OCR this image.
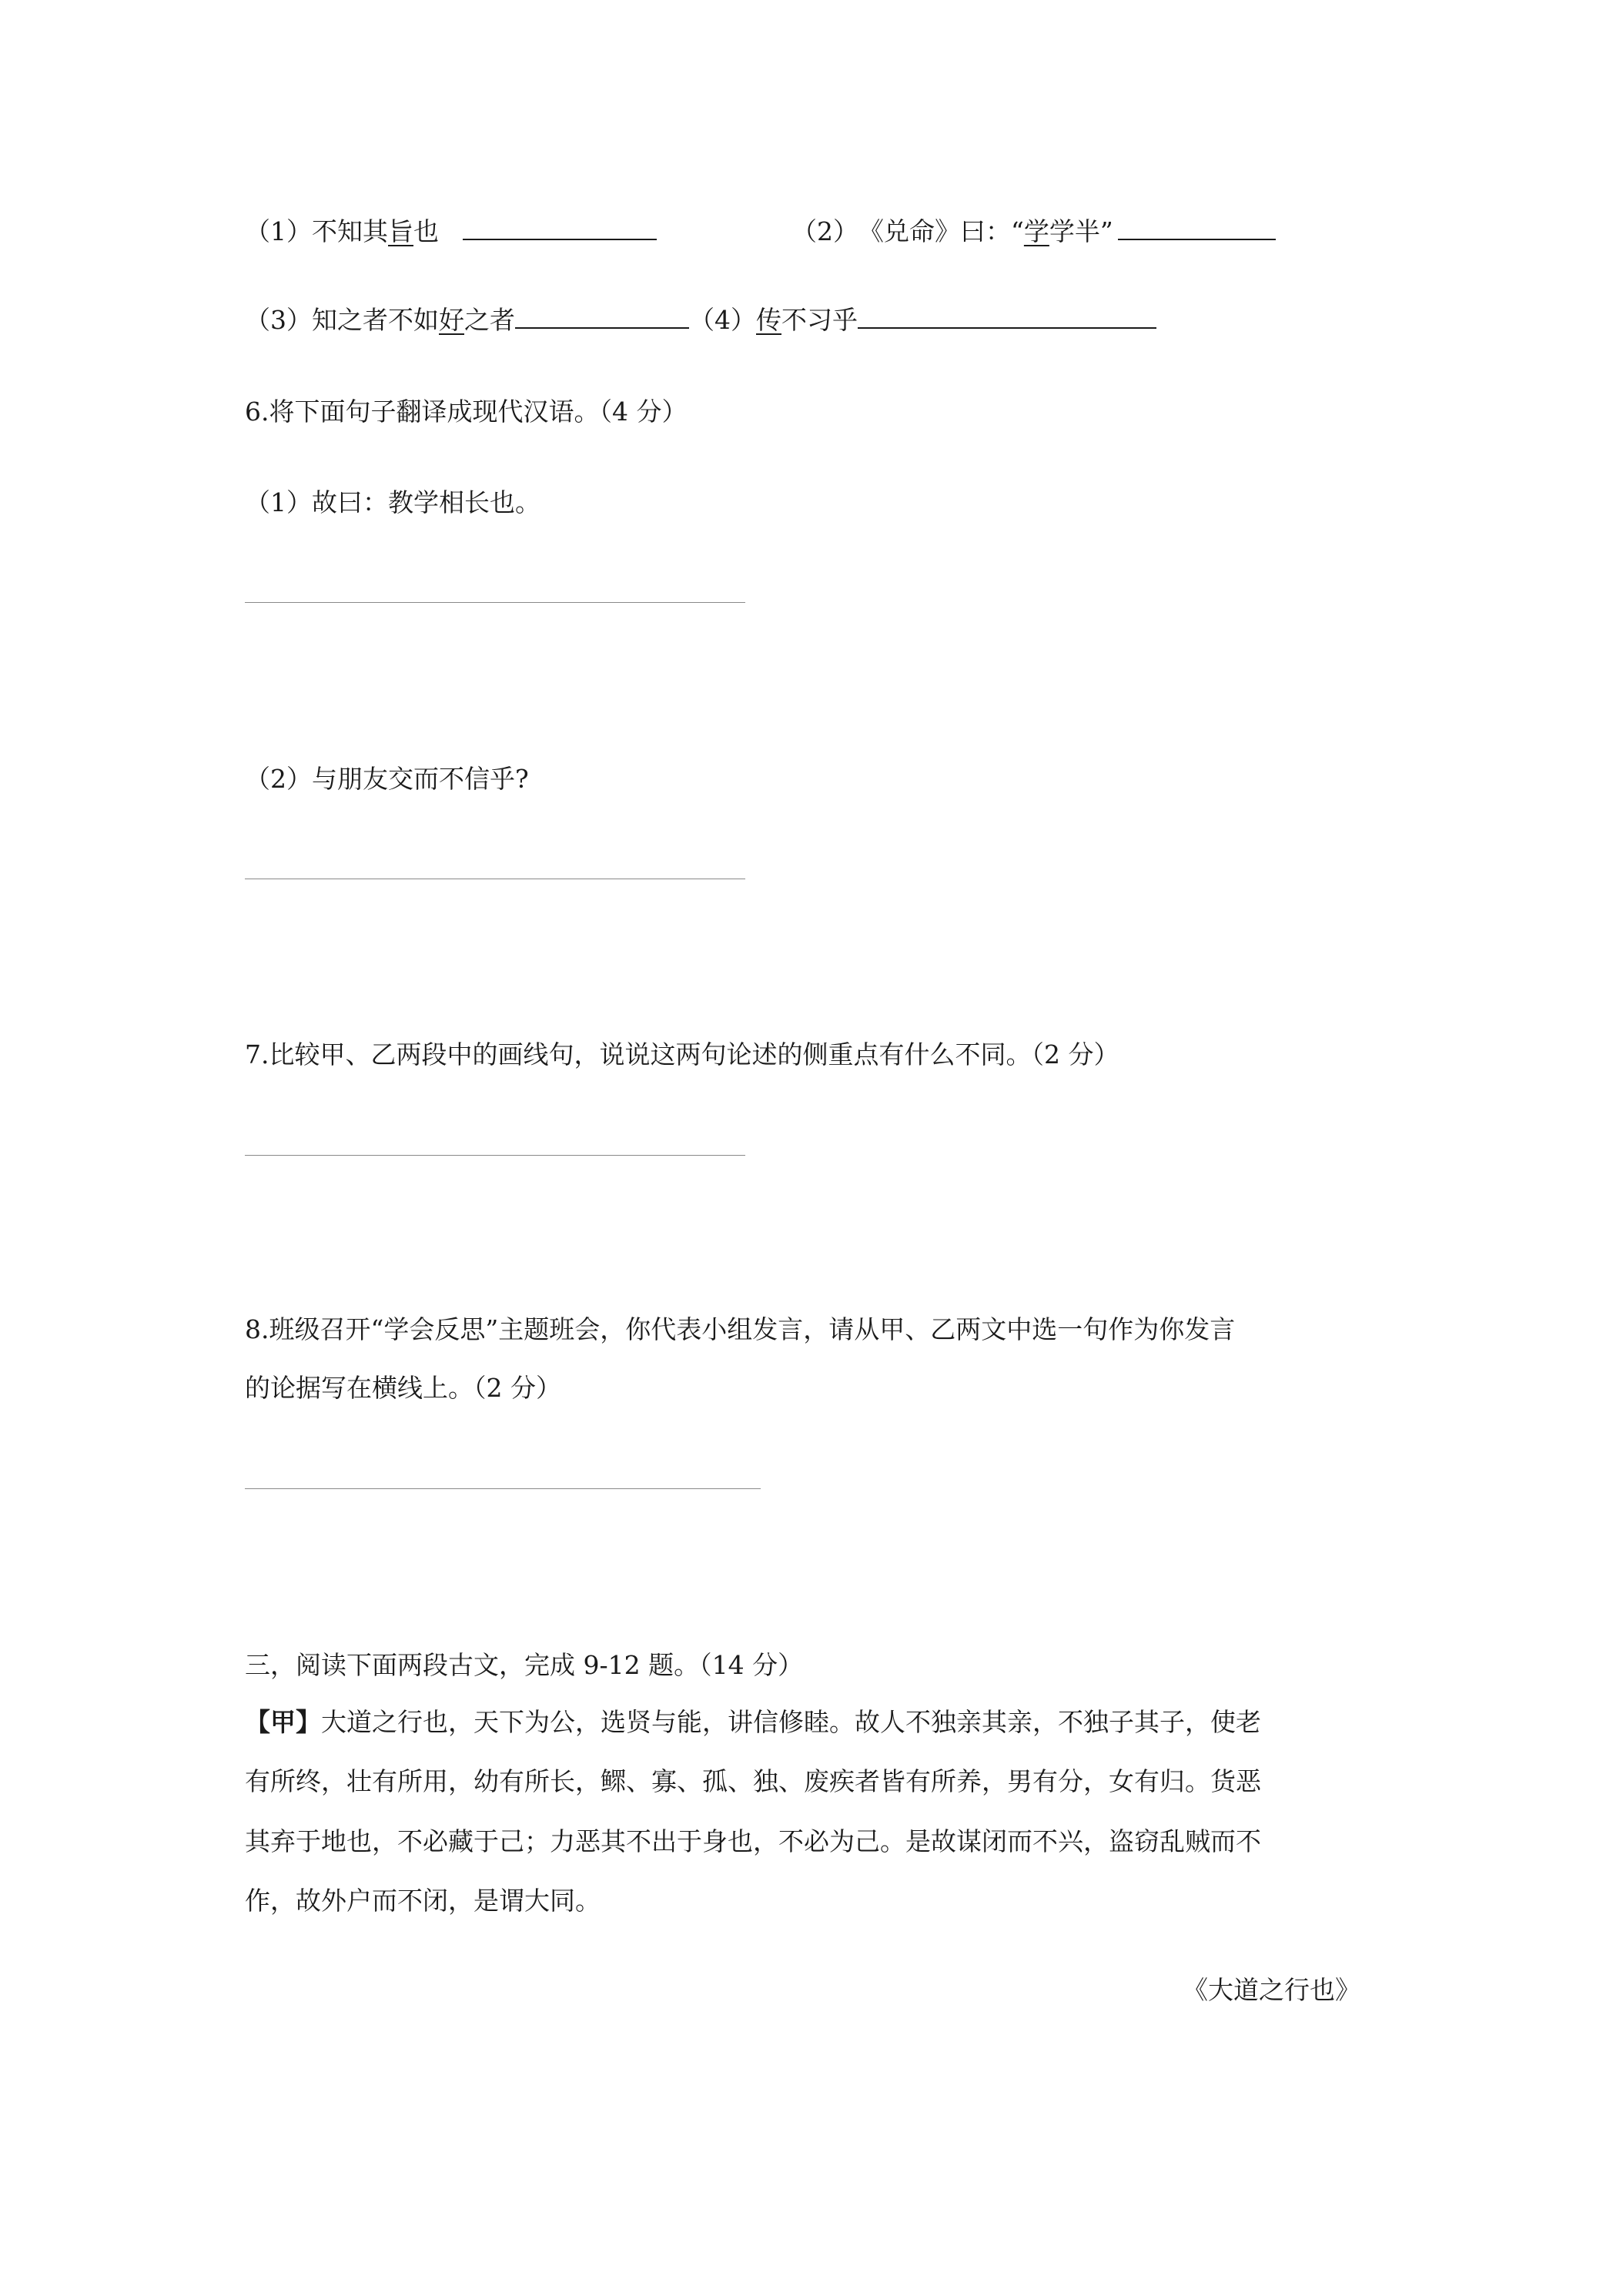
（1）不知其旨也	（2）《兑命》曰：“学学半”
（3）知之者不如好之者	（4）传不习乎
6.将下面句子翻译成现代汉语。（4 分）
（1）故曰：教学相长也。
（2）与朋友交而不信乎?
7.比较甲、乙两段中的画线句，说说这两句论述的侧重点有什么不同。（2 分）
8.班级召开“学会反思”主题班会，你代表小组发言，请从甲、乙两文中选一句作为你发言
的论据写在横线上。（2 分）
三，阅读下面两段古文，完成 9-12 题。（14 分）
【甲】大道之行也，天下为公，选贤与能，讲信修睦。故人不独亲其亲，不独子其子，使老
有所终，壮有所用，幼有所长，鳏、寡、孤、独、废疾者皆有所养，男有分，女有归。货恶
其弃于地也，不必藏于己；力恶其不出于身也，不必为己。是故谋闭而不兴，盗窃乱贼而不
作，故外户而不闭，是谓大同。
《大道之行也》
